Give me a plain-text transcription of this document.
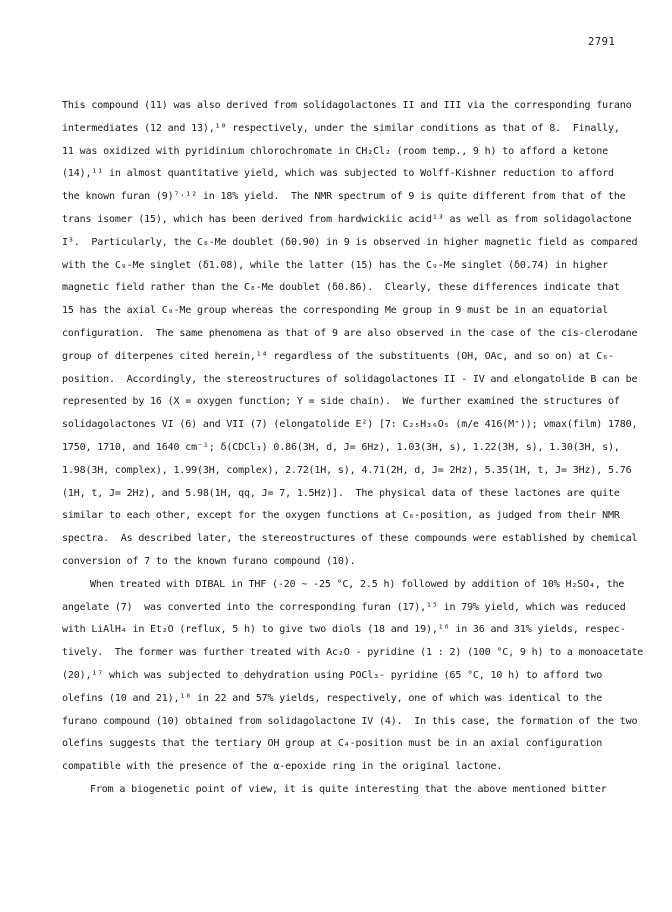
2791
This compound (11) was also derived from solidagolactones II and III via the corresponding furano
intermediates (12 and 13),¹⁰ respectively, under the similar conditions as that of 8.  Finally,
11 was oxidized with pyridinium chlorochromate in CH₂Cl₂ (room temp., 9 h) to afford a ketone
(14),¹¹ in almost quantitative yield, which was subjected to Wolff-Kishner reduction to afford
the known furan (9)⁷˒¹² in 18% yield.  The NMR spectrum of 9 is quite different from that of the
trans isomer (15), which has been derived from hardwickiic acid¹³ as well as from solidagolactone
I³.  Particularly, the C₈-Me doublet (δ0.90) in 9 is observed in higher magnetic field as compared
with the C₉-Me singlet (δ1.08), while the latter (15) has the C₉-Me singlet (δ0.74) in higher
magnetic field rather than the C₈-Me doublet (δ0.86).  Clearly, these differences indicate that
15 has the axial C₉-Me group whereas the corresponding Me group in 9 must be in an equatorial
configuration.  The same phenomena as that of 9 are also observed in the case of the cis-clerodane
group of diterpenes cited herein,¹⁴ regardless of the substituents (OH, OAc, and so on) at C₆-
position.  Accordingly, the stereostructures of solidagolactones II - IV and elongatolide B can be
represented by 16 (X = oxygen function; Y = side chain).  We further examined the structures of
solidagolactones VI (6) and VII (7) (elongatolide E²) [7: C₂₅H₃₆O₅ (m/e 416(M⁺)); νmax(film) 1780,
1750, 1710, and 1640 cm⁻¹; δ(CDCl₃) 0.86(3H, d, J= 6Hz), 1.03(3H, s), 1.22(3H, s), 1.30(3H, s),
1.98(3H, complex), 1.99(3H, complex), 2.72(1H, s), 4.71(2H, d, J= 2Hz), 5.35(1H, t, J= 3Hz), 5.76
(1H, t, J= 2Hz), and 5.98(1H, qq, J= 7, 1.5Hz)].  The physical data of these lactones are quite
similar to each other, except for the oxygen functions at C₆-position, as judged from their NMR
spectra.  As described later, the stereostructures of these compounds were established by chemical
conversion of 7 to the known furano compound (10).
When treated with DIBAL in THF (-20 ~ -25 °C, 2.5 h) followed by addition of 10% H₂SO₄, the
angelate (7)  was converted into the corresponding furan (17),¹⁵ in 79% yield, which was reduced
with LiAlH₄ in Et₂O (reflux, 5 h) to give two diols (18 and 19),¹⁶ in 36 and 31% yields, respec-
tively.  The former was further treated with Ac₂O - pyridine (1 : 2) (100 °C, 9 h) to a monoacetate
(20),¹⁷ which was subjected to dehydration using POCl₃- pyridine (65 °C, 10 h) to afford two
olefins (10 and 21),¹⁸ in 22 and 57% yields, respectively, one of which was identical to the
furano compound (10) obtained from solidagolactone IV (4).  In this case, the formation of the two
olefins suggests that the tertiary OH group at C₄-position must be in an axial configuration
compatible with the presence of the α-epoxide ring in the original lactone.
From a biogenetic point of view, it is quite interesting that the above mentioned bitter
